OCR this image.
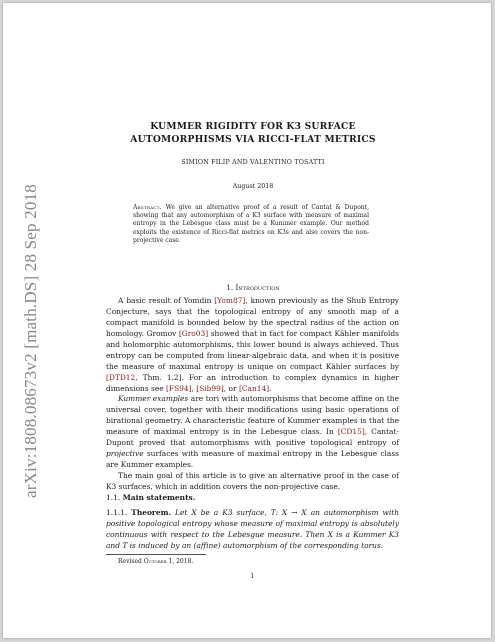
arXiv:1808.08673v2 [math.DS] 28 Sep 2018
KUMMER RIGIDITY FOR K3 SURFACE
AUTOMORPHISMS VIA RICCI-FLAT METRICS
SIMION FILIP AND VALENTINO TOSATTI
August 2018
Abstract. We give an alternative proof of a result of Cantat & Dupont, showing that any automorphism of a K3 surface with measure of maximal entropy in the Lebesgue class must be a Kummer example. Our method exploits the existence of Ricci-flat metrics on K3s and also covers the non-projective case.
1. Introduction

A basic result of Yomdin [Yom87], known previously as the Shub Entropy Conjecture, says that the topological entropy of any smooth map of a compact manifold is bounded below by the spectral radius of the action on homology. Gromov [Gro03] showed that in fact for compact Kähler manifolds and holomorphic automorphisms, this lower bound is always achieved. Thus entropy can be computed from linear-algebraic data, and when it is positive the measure of maximal entropy is unique on compact Kähler surfaces by [DTD12, Thm. 1.2]. For an introduction to complex dynamics in higher dimensions see [FS94], [Sib99], or [Can14].

Kummer examples are tori with automorphisms that become affine on the universal cover, together with their modifications using basic operations of birational geometry. A characteristic feature of Kummer examples is that the measure of maximal entropy is in the Lebesgue class. In [CD15], Cantat-Dupont proved that automorphisms with positive topological entropy of projective surfaces with measure of maximal entropy in the Lebesgue class are Kummer examples.

The main goal of this article is to give an alternative proof in the case of K3 surfaces, which in addition covers the non-projective case.

1.1. Main statements.
1.1.1. Theorem. Let X be a K3 surface, T: X → X an automorphism with positive topological entropy whose measure of maximal entropy is absolutely continuous with respect to the Lebesgue measure. Then X is a Kummer K3 and T is induced by an (affine) automorphism of the corresponding torus.
Revised October 1, 2018.
1
